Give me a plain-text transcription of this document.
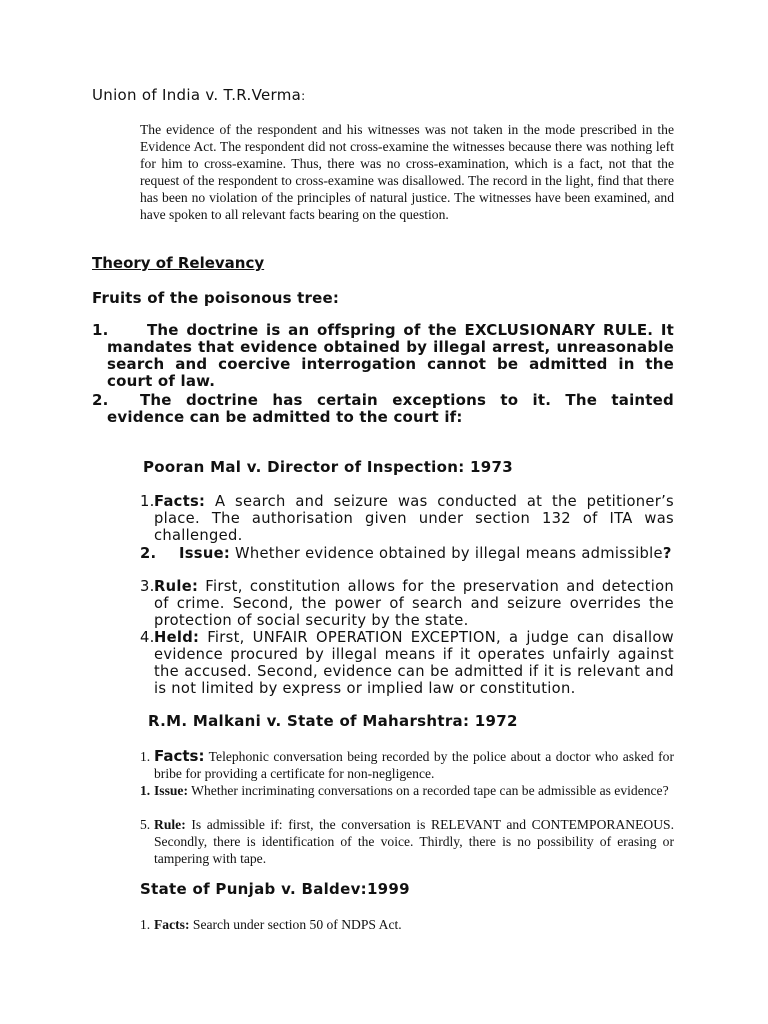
Union of India v. T.R.Verma:
The evidence of the respondent and his witnesses was not taken in the mode prescribed in the Evidence Act. The respondent did not cross-examine the witnesses because there was nothing left for him to cross-examine. Thus, there was no cross-examination, which is a fact, not that the request of the respondent to cross-examine was disallowed. The record in the light, find that there has been no violation of the principles of natural justice. The witnesses have been examined, and have spoken to all relevant facts bearing on the question.
Theory of Relevancy
Fruits of the poisonous tree:
1.	The doctrine is an offspring of the EXCLUSIONARY RULE. It mandates that evidence obtained by illegal arrest, unreasonable search and coercive interrogation cannot be admitted in the court of law.
2.	The doctrine has certain exceptions to it. The tainted evidence can be admitted to the court if:
Pooran Mal v. Director of Inspection: 1973
1. Facts: A search and seizure was conducted at the petitioner’s place. The authorisation given under section 132 of ITA was challenged.
2.	Issue: Whether evidence obtained by illegal means admissible?
3. Rule: First, constitution allows for the preservation and detection of crime. Second, the power of search and seizure overrides the protection of social security by the state.
4. Held: First, UNFAIR OPERATION EXCEPTION, a judge can disallow evidence procured by illegal means if it operates unfairly against the accused. Second, evidence can be admitted if it is relevant and is not limited by express or implied law or constitution.
R.M. Malkani v. State of Maharshtra: 1972
1. Facts: Telephonic conversation being recorded by the police about a doctor who asked for bribe for providing a certificate for non-negligence.
1. Issue: Whether incriminating conversations on a recorded tape can be admissible as evidence?
5. Rule: Is admissible if: first, the conversation is RELEVANT and CONTEMPORANEOUS. Secondly, there is identification of the voice. Thirdly, there is no possibility of erasing or tampering with tape.
State of Punjab v. Baldev:1999
1. Facts: Search under section 50 of NDPS Act.
